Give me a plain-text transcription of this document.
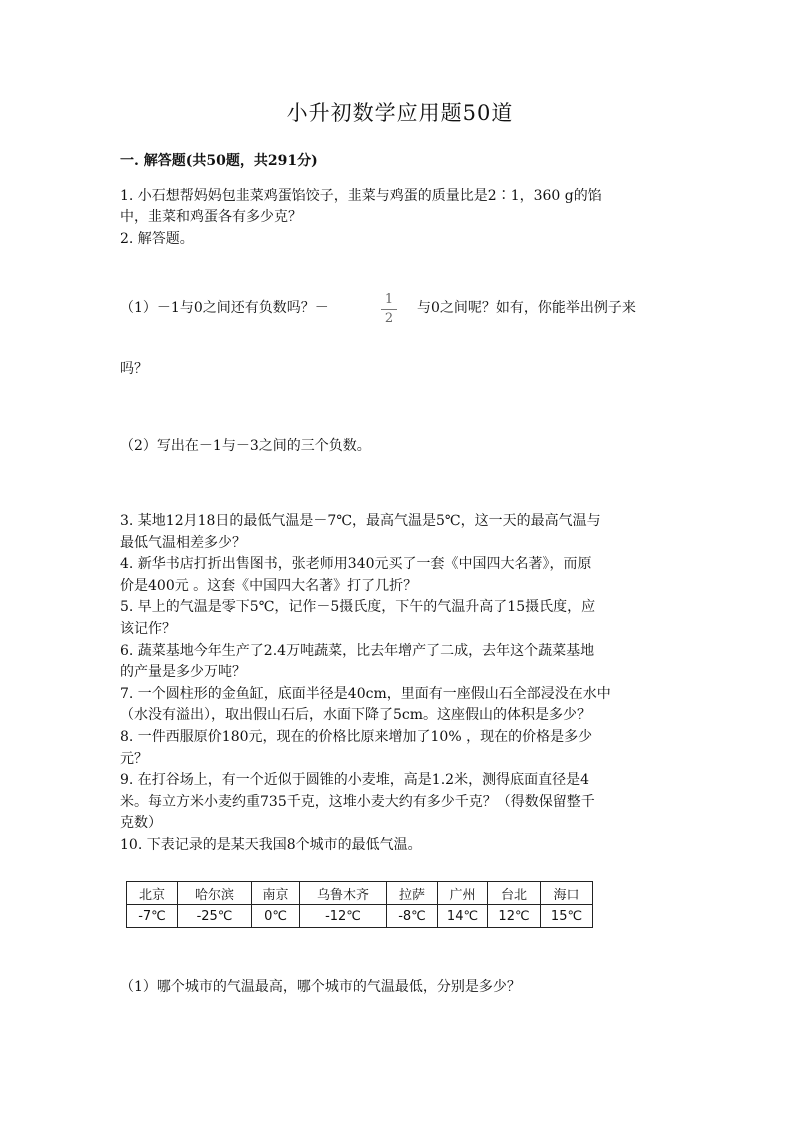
小升初数学应用题50道
一. 解答题(共50题，共291分)
1. 小石想帮妈妈包韭菜鸡蛋馅饺子，韭菜与鸡蛋的质量比是2∶1，360 g的馅
中，韭菜和鸡蛋各有多少克？
2. 解答题。
（1）－1与0之间还有负数吗？－
1
2
与0之间呢？如有，你能举出例子来
吗？
（2）写出在－1与－3之间的三个负数。
3. 某地12月18日的最低气温是－7℃，最高气温是5℃，这一天的最高气温与
最低气温相差多少？
4. 新华书店打折出售图书，张老师用340元买了一套《中国四大名著》，而原
价是400元 。这套《中国四大名著》打了几折？
5. 早上的气温是零下5℃，记作－5摄氏度，下午的气温升高了15摄氏度，应
该记作？
6. 蔬菜基地今年生产了2.4万吨蔬菜，比去年增产了二成，去年这个蔬菜基地
的产量是多少万吨？
7. 一个圆柱形的金鱼缸，底面半径是40cm，里面有一座假山石全部浸没在水中
（水没有溢出），取出假山石后，水面下降了5cm。这座假山的体积是多少？
8. 一件西服原价180元，现在的价格比原来增加了10% ，现在的价格是多少
元？
9. 在打谷场上，有一个近似于圆锥的小麦堆，高是1.2米，测得底面直径是4
米。每立方米小麦约重735千克，这堆小麦大约有多少千克？（得数保留整千
克数）
10. 下表记录的是某天我国8个城市的最低气温。
北京	哈尔滨	南京	乌鲁木齐	拉萨	广州	台北	海口
-7℃	-25℃	0℃	-12℃	-8℃	14℃	12℃	15℃
（1）哪个城市的气温最高，哪个城市的气温最低，分别是多少？
